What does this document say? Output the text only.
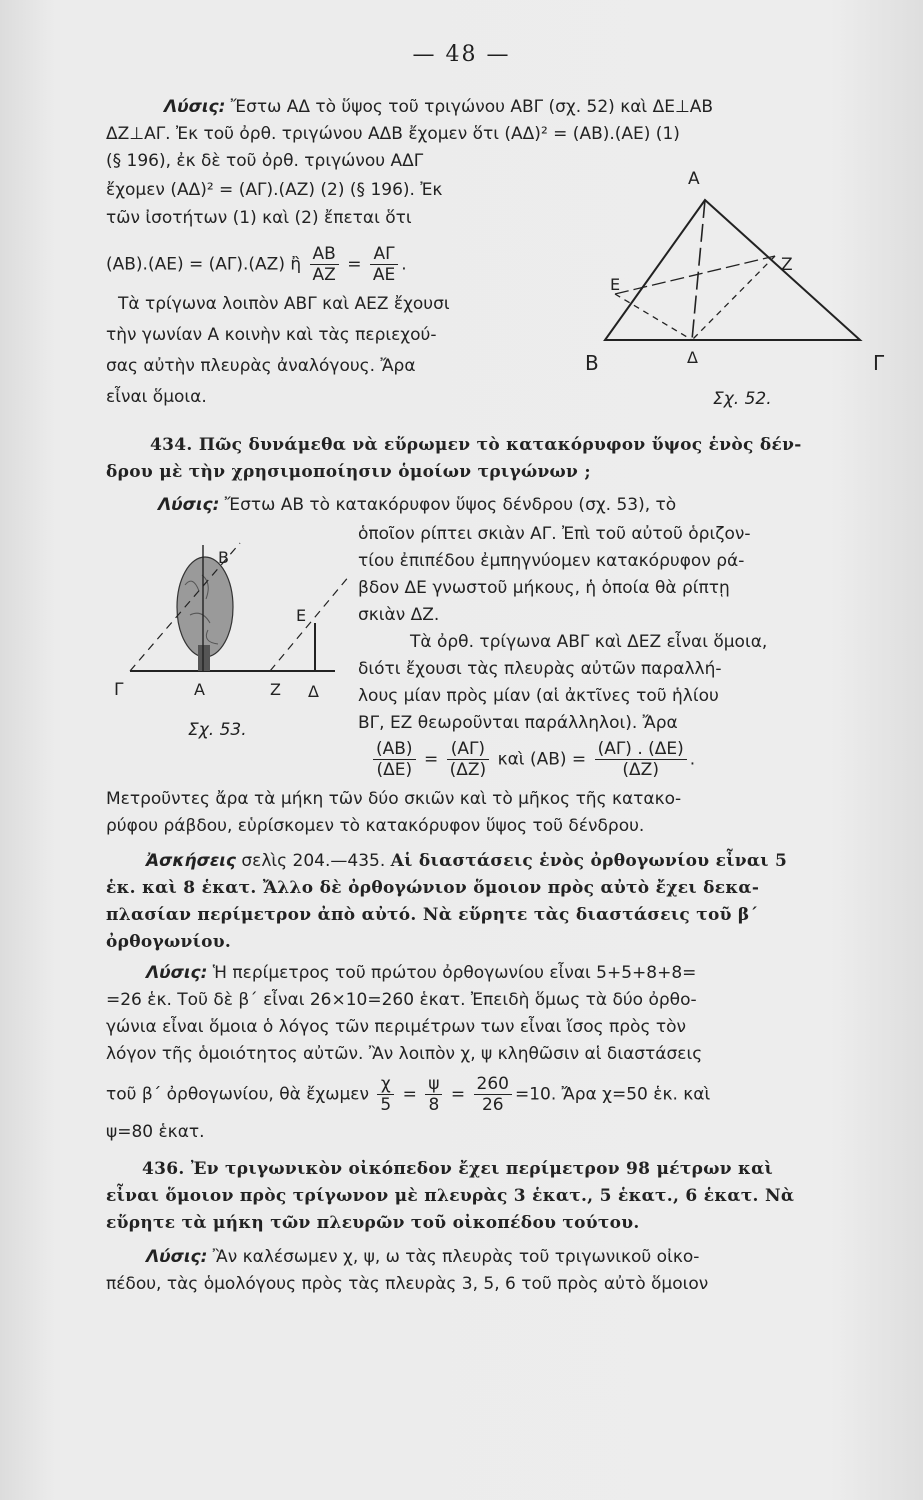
— 48 —

Λύσις: Ἔστω ΑΔ τὸ ὕψος τοῦ τριγώνου ΑΒΓ (σχ. 52) καὶ ΔΕ⊥ΑΒ

ΔΖ⊥ΑΓ. Ἐκ τοῦ ὀρθ. τριγώνου ΑΔΒ ἔχομεν ὅτι (ΑΔ)² = (ΑΒ).(ΑΕ) (1)

(§ 196), ἐκ δὲ τοῦ ὀρθ. τριγώνου ΑΔΓ

ἔχομεν (ΑΔ)² = (ΑΓ).(ΑΖ) (2) (§ 196). Ἐκ

τῶν ἰσοτήτων (1) καὶ (2) ἔπεται ὅτι

(ΑΒ).(ΑΕ) = (ΑΓ).(ΑΖ) ἢ $\frac{AB}{AZ} = \frac{A\Gamma}{AE}$ .

Τὰ τρίγωνα λοιπὸν ΑΒΓ καὶ ΑΕΖ ἔχουσι

τὴν γωνίαν Α κοινὴν καὶ τὰς περιεχού-

σας αὐτὴν πλευρὰς ἀναλόγους. Ἄρα

εἶναι ὅμοια.

Α
Β	Γ
Δ
Ε
Ζ
Σχ. 52.

434. Πῶς δυνάμεθα νὰ εὕρωμεν τὸ κατακόρυφον ὕψος ἑνὸς δέν-

δρου μὲ τὴν χρησιμοποίησιν ὁμοίων τριγώνων ;

Λύσις: Ἔστω ΑΒ τὸ κατακόρυφον ὕψος δένδρου (σχ. 53), τὸ

ὁποῖον ρίπτει σκιὰν ΑΓ. Ἐπὶ τοῦ αὐτοῦ ὁριζον-

τίου ἐπιπέδου ἐμπηγνύομεν κατακόρυφον ρά-

βδον ΔΕ γνωστοῦ μήκους, ἡ ὁποία θὰ ρίπτῃ

σκιὰν ΔΖ.

Τὰ ὀρθ. τρίγωνα ΑΒΓ καὶ ΔΕΖ εἶναι ὅμοια,

διότι ἔχουσι τὰς πλευρὰς αὐτῶν παραλλή-

λους μίαν πρὸς μίαν (αἱ ἀκτῖνες τοῦ ἡλίου

ΒΓ, ΕΖ θεωροῦνται παράλληλοι). Ἄρα

$\frac{(AB)}{(\Delta E)} = \frac{(A\Gamma)}{(\Delta Z)}$ καὶ $(AB) = \frac{(A\Gamma) . (\Delta E)}{(\Delta Z)}$ .

Β
Ε
Γ	Α	Ζ Δ
Σχ. 53.

Μετροῦντες ἄρα τὰ μήκη τῶν δύο σκιῶν καὶ τὸ μῆκος τῆς κατακο-

ρύφου ράβδου, εὑρίσκομεν τὸ κατακόρυφον ὕψος τοῦ δένδρου.

Ἀσκήσεις σελὶς 204.—435. Αἱ διαστάσεις ἑνὸς ὀρθογωνίου εἶναι 5

ἑκ. καὶ 8 ἑκατ. Ἄλλο δὲ ὀρθογώνιον ὅμοιον πρὸς αὐτὸ ἔχει δεκα-

πλασίαν περίμετρον ἀπὸ αὐτό. Νὰ εὕρητε τὰς διαστάσεις τοῦ β΄

ὀρθογωνίου.

Λύσις: Ἡ περίμετρος τοῦ πρώτου ὀρθογωνίου εἶναι 5+5+8+8=

=26 ἑκ. Τοῦ δὲ β΄ εἶναι 26×10=260 ἑκατ. Ἐπειδὴ ὅμως τὰ δύο ὀρθο-

γώνια εἶναι ὅμοια ὁ λόγος τῶν περιμέτρων των εἶναι ἴσος πρὸς τὸν

λόγον τῆς ὁμοιότητος αὐτῶν. Ἂν λοιπὸν χ, ψ κληθῶσιν αἱ διαστάσεις

τοῦ β΄ ὀρθογωνίου, θὰ ἔχωμεν $\frac{\chi}{5} = \frac{\psi}{8} = \frac{260}{26} =10$. Ἄρα χ=50 ἑκ. καὶ

ψ=80 ἑκατ.

436. Ἐν τριγωνικὸν οἰκόπεδον ἔχει περίμετρον 98 μέτρων καὶ

εἶναι ὅμοιον πρὸς τρίγωνον μὲ πλευρὰς 3 ἑκατ., 5 ἑκατ., 6 ἑκατ. Νὰ

εὕρητε τὰ μήκη τῶν πλευρῶν τοῦ οἰκοπέδου τούτου.

Λύσις: Ἂν καλέσωμεν χ, ψ, ω τὰς πλευρὰς τοῦ τριγωνικοῦ οἰκο-

πέδου, τὰς ὁμολόγους πρὸς τὰς πλευρὰς 3, 5, 6 τοῦ πρὸς αὐτὸ ὅμοιον
